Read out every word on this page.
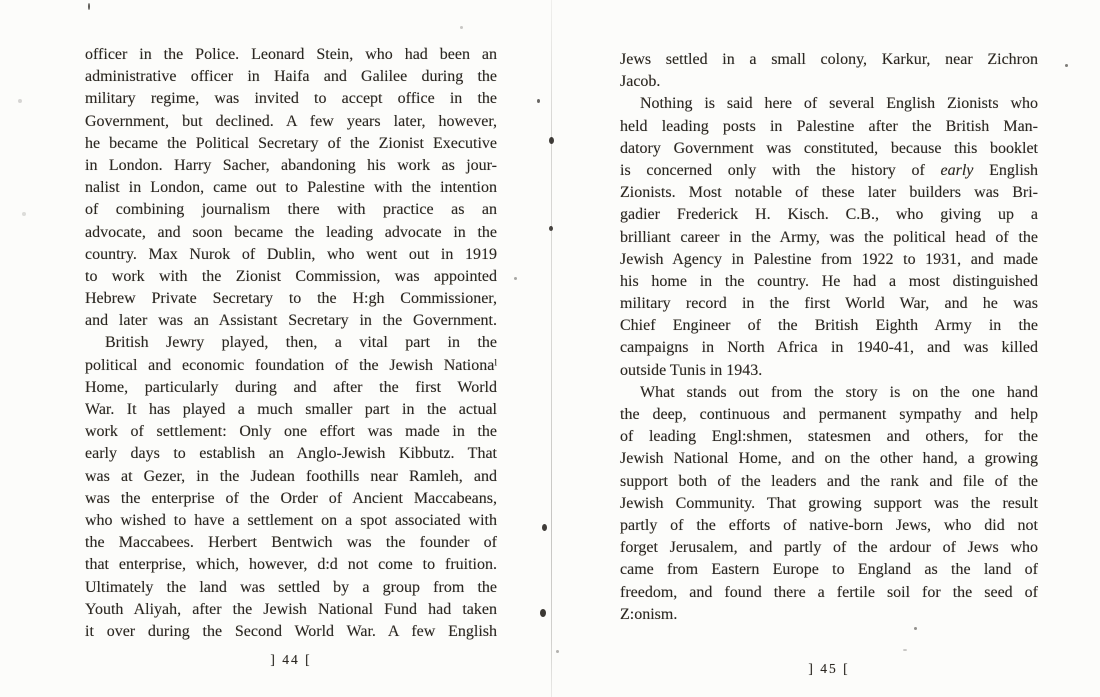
officer in the Police. Leonard Stein, who had been an
administrative officer in Haifa and Galilee during the
military regime, was invited to accept office in the
Government, but declined. A few years later, however,
he became the Political Secretary of the Zionist Executive
in London. Harry Sacher, abandoning his work as jour-
nalist in London, came out to Palestine with the intention
of combining journalism there with practice as an
advocate, and soon became the leading advocate in the
country. Max Nurok of Dublin, who went out in 1919
to work with the Zionist Commission, was appointed
Hebrew Private Secretary to the H:gh Commissioner,
and later was an Assistant Secretary in the Government.
British Jewry played, then, a vital part in the
political and economic foundation of the Jewish Nationaˡ
Home, particularly during and after the first World
War. It has played a much smaller part in the actual
work of settlement: Only one effort was made in the
early days to establish an Anglo-Jewish Kibbutz. That
was at Gezer, in the Judean foothills near Ramleh, and
was the enterprise of the Order of Ancient Maccabeans,
who wished to have a settlement on a spot associated with
the Maccabees. Herbert Bentwich was the founder of
that enterprise, which, however, d:d not come to fruition.
Ultimately the land was settled by a group from the
Youth Aliyah, after the Jewish National Fund had taken
it over during the Second World War. A few English
Jews settled in a small colony, Karkur, near Zichron
Jacob.
Nothing is said here of several English Zionists who
held leading posts in Palestine after the British Man-
datory Government was constituted, because this booklet
is concerned only with the history of early English
Zionists. Most notable of these later builders was Bri-
gadier Frederick H. Kisch. C.B., who giving up a
brilliant career in the Army, was the political head of the
Jewish Agency in Palestine from 1922 to 1931, and made
his home in the country. He had a most distinguished
military record in the first World War, and he was
Chief Engineer of the British Eighth Army in the
campaigns in North Africa in 1940-41, and was killed
outside Tunis in 1943.
What stands out from the story is on the one hand
the deep, continuous and permanent sympathy and help
of leading Engl:shmen, statesmen and others, for the
Jewish National Home, and on the other hand, a growing
support both of the leaders and the rank and file of the
Jewish Community. That growing support was the result
partly of the efforts of native-born Jews, who did not
forget Jerusalem, and partly of the ardour of Jews who
came from Eastern Europe to England as the land of
freedom, and found there a fertile soil for the seed of
Z:onism.
] 44 [
] 45 [
